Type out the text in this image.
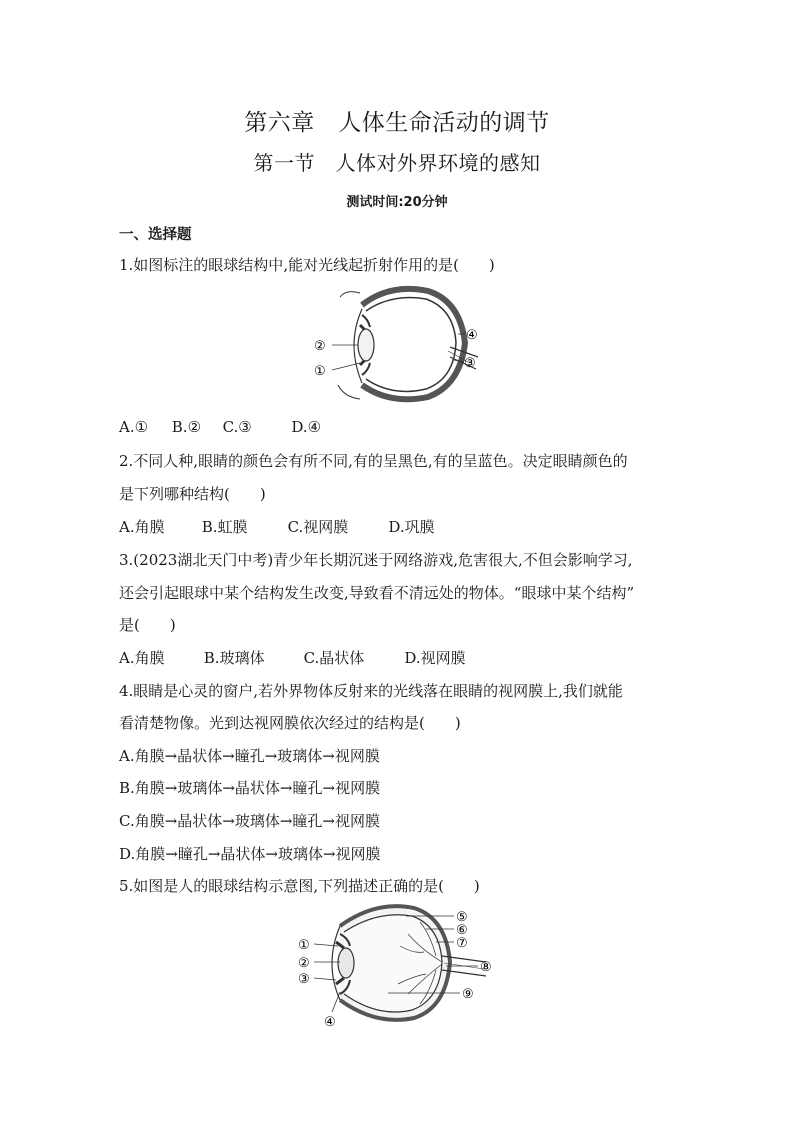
第六章　人体生命活动的调节
第一节　人体对外界环境的感知
测试时间:20分钟
一、选择题
1.如图标注的眼球结构中,能对光线起折射作用的是(　　)
②
①
④
③
A.① B.② C.③	D.④
2.不同人种,眼睛的颜色会有所不同,有的呈黑色,有的呈蓝色。决定眼睛颜色的
是下列哪种结构(　　)
A.角膜 B.虹膜	C.视网膜	D.巩膜
3.(2023湖北天门中考)青少年长期沉迷于网络游戏,危害很大,不但会影响学习,
还会引起眼球中某个结构发生改变,导致看不清远处的物体。“眼球中某个结构”
是(　　)
A.角膜	B.玻璃体	C.晶状体	D.视网膜
4.眼睛是心灵的窗户,若外界物体反射来的光线落在眼睛的视网膜上,我们就能
看清楚物像。光到达视网膜依次经过的结构是(　　)
A.角膜→晶状体→瞳孔→玻璃体→视网膜
B.角膜→玻璃体→晶状体→瞳孔→视网膜
C.角膜→晶状体→玻璃体→瞳孔→视网膜
D.角膜→瞳孔→晶状体→玻璃体→视网膜
5.如图是人的眼球结构示意图,下列描述正确的是(　　)
①
②
③
④
⑤
⑥
⑦
⑧
⑨
